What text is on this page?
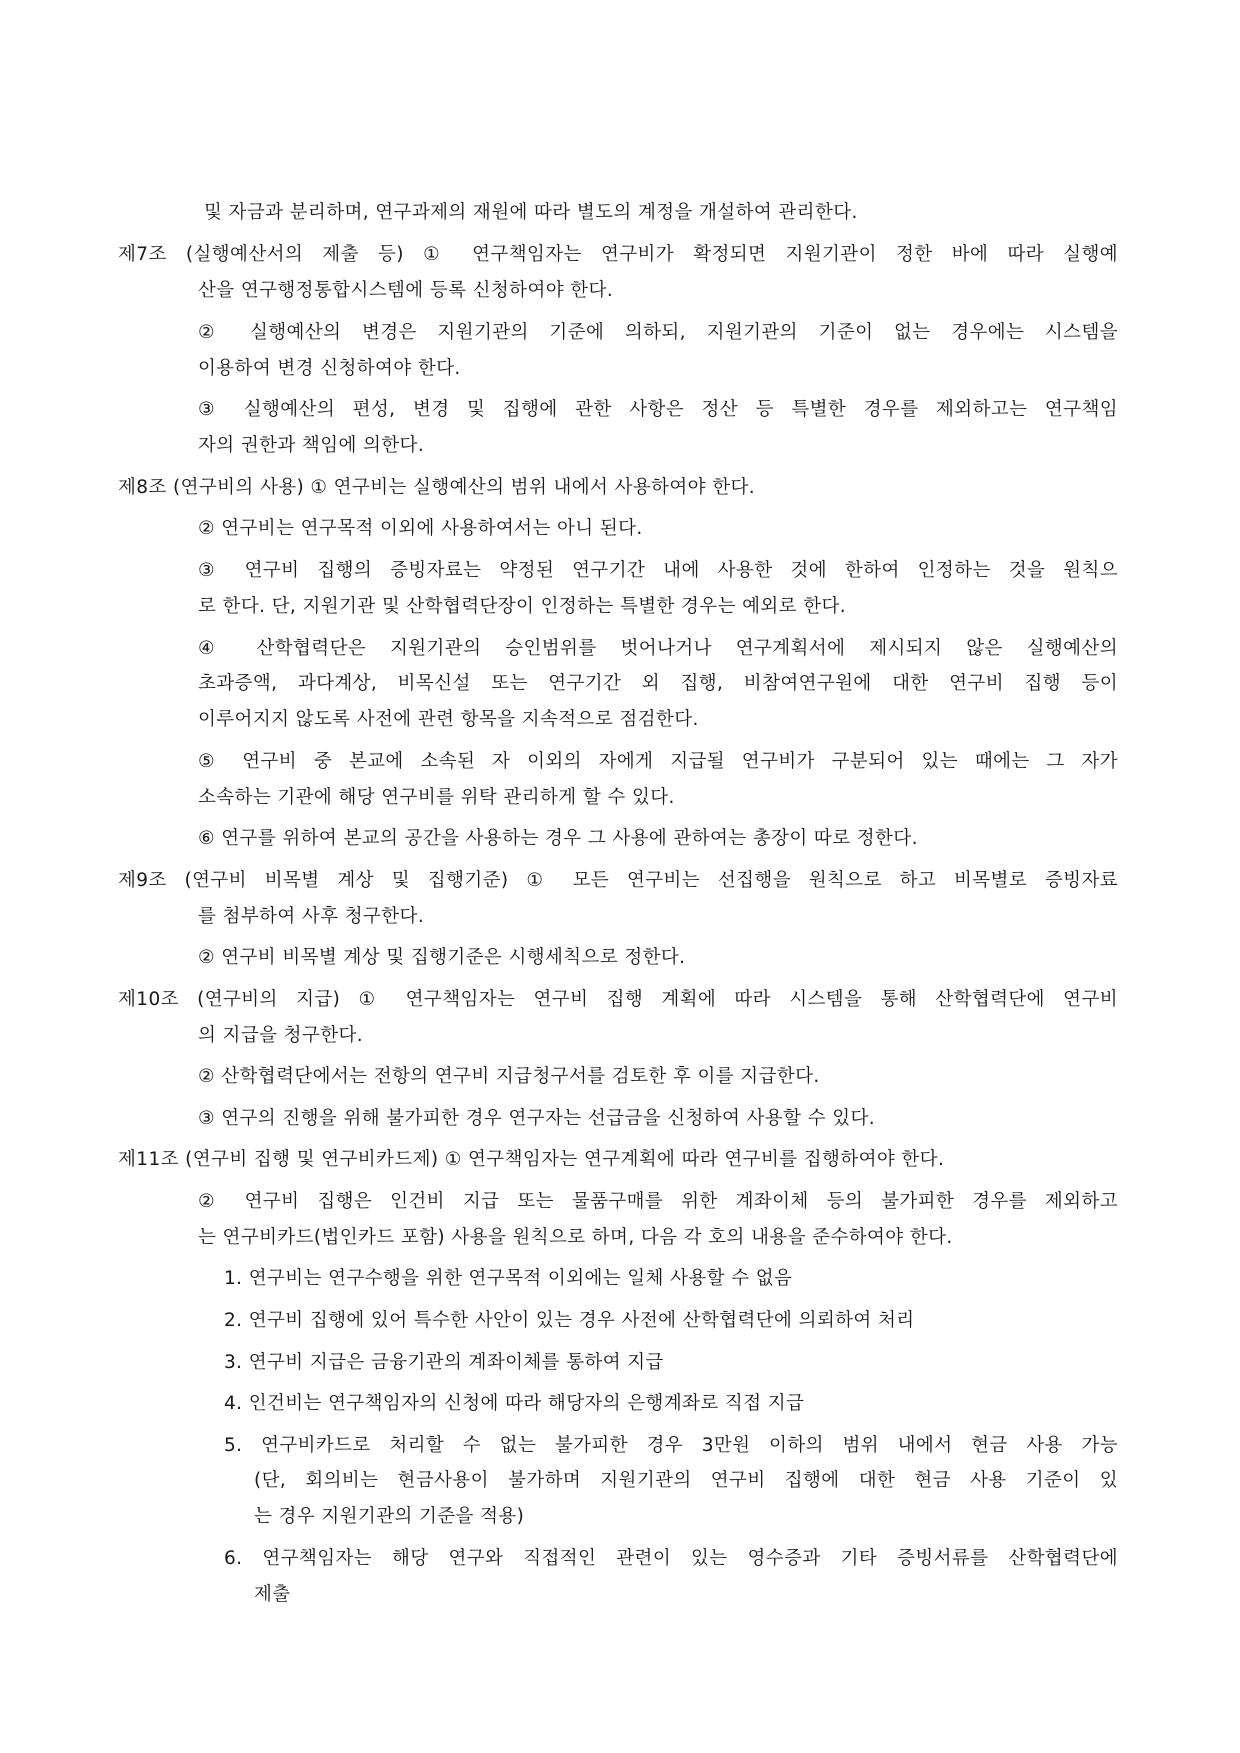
및 자금과 분리하며, 연구과제의 재원에 따라 별도의 계정을 개설하여 관리한다.
제7조 (실행예산서의 제출 등) ① 연구책임자는 연구비가 확정되면 지원기관이 정한 바에 따라 실행예
산을 연구행정통합시스템에 등록 신청하여야 한다.
② 실행예산의 변경은 지원기관의 기준에 의하되, 지원기관의 기준이 없는 경우에는 시스템을
이용하여 변경 신청하여야 한다.
③ 실행예산의 편성, 변경 및 집행에 관한 사항은 정산 등 특별한 경우를 제외하고는 연구책임
자의 권한과 책임에 의한다.
제8조 (연구비의 사용) ① 연구비는 실행예산의 범위 내에서 사용하여야 한다.
② 연구비는 연구목적 이외에 사용하여서는 아니 된다.
③ 연구비 집행의 증빙자료는 약정된 연구기간 내에 사용한 것에 한하여 인정하는 것을 원칙으
로 한다. 단, 지원기관 및 산학협력단장이 인정하는 특별한 경우는 예외로 한다.
④ 산학협력단은 지원기관의 승인범위를 벗어나거나 연구계획서에 제시되지 않은 실행예산의
초과증액, 과다계상, 비목신설 또는 연구기간 외 집행, 비참여연구원에 대한 연구비 집행 등이
이루어지지 않도록 사전에 관련 항목을 지속적으로 점검한다.
⑤ 연구비 중 본교에 소속된 자 이외의 자에게 지급될 연구비가 구분되어 있는 때에는 그 자가
소속하는 기관에 해당 연구비를 위탁 관리하게 할 수 있다.
⑥ 연구를 위하여 본교의 공간을 사용하는 경우 그 사용에 관하여는 총장이 따로 정한다.
제9조 (연구비 비목별 계상 및 집행기준) ① 모든 연구비는 선집행을 원칙으로 하고 비목별로 증빙자료
를 첨부하여 사후 청구한다.
② 연구비 비목별 계상 및 집행기준은 시행세칙으로 정한다.
제10조 (연구비의 지급) ① 연구책임자는 연구비 집행 계획에 따라 시스템을 통해 산학협력단에 연구비
의 지급을 청구한다.
② 산학협력단에서는 전항의 연구비 지급청구서를 검토한 후 이를 지급한다.
③ 연구의 진행을 위해 불가피한 경우 연구자는 선급금을 신청하여 사용할 수 있다.
제11조 (연구비 집행 및 연구비카드제) ① 연구책임자는 연구계획에 따라 연구비를 집행하여야 한다.
② 연구비 집행은 인건비 지급 또는 물품구매를 위한 계좌이체 등의 불가피한 경우를 제외하고
는 연구비카드(법인카드 포함) 사용을 원칙으로 하며, 다음 각 호의 내용을 준수하여야 한다.
1. 연구비는 연구수행을 위한 연구목적 이외에는 일체 사용할 수 없음
2. 연구비 집행에 있어 특수한 사안이 있는 경우 사전에 산학협력단에 의뢰하여 처리
3. 연구비 지급은 금융기관의 계좌이체를 통하여 지급
4. 인건비는 연구책임자의 신청에 따라 해당자의 은행계좌로 직접 지급
5. 연구비카드로 처리할 수 없는 불가피한 경우 3만원 이하의 범위 내에서 현금 사용 가능
(단, 회의비는 현금사용이 불가하며 지원기관의 연구비 집행에 대한 현금 사용 기준이 있
는 경우 지원기관의 기준을 적용)
6. 연구책임자는 해당 연구와 직접적인 관련이 있는 영수증과 기타 증빙서류를 산학협력단에
제출
